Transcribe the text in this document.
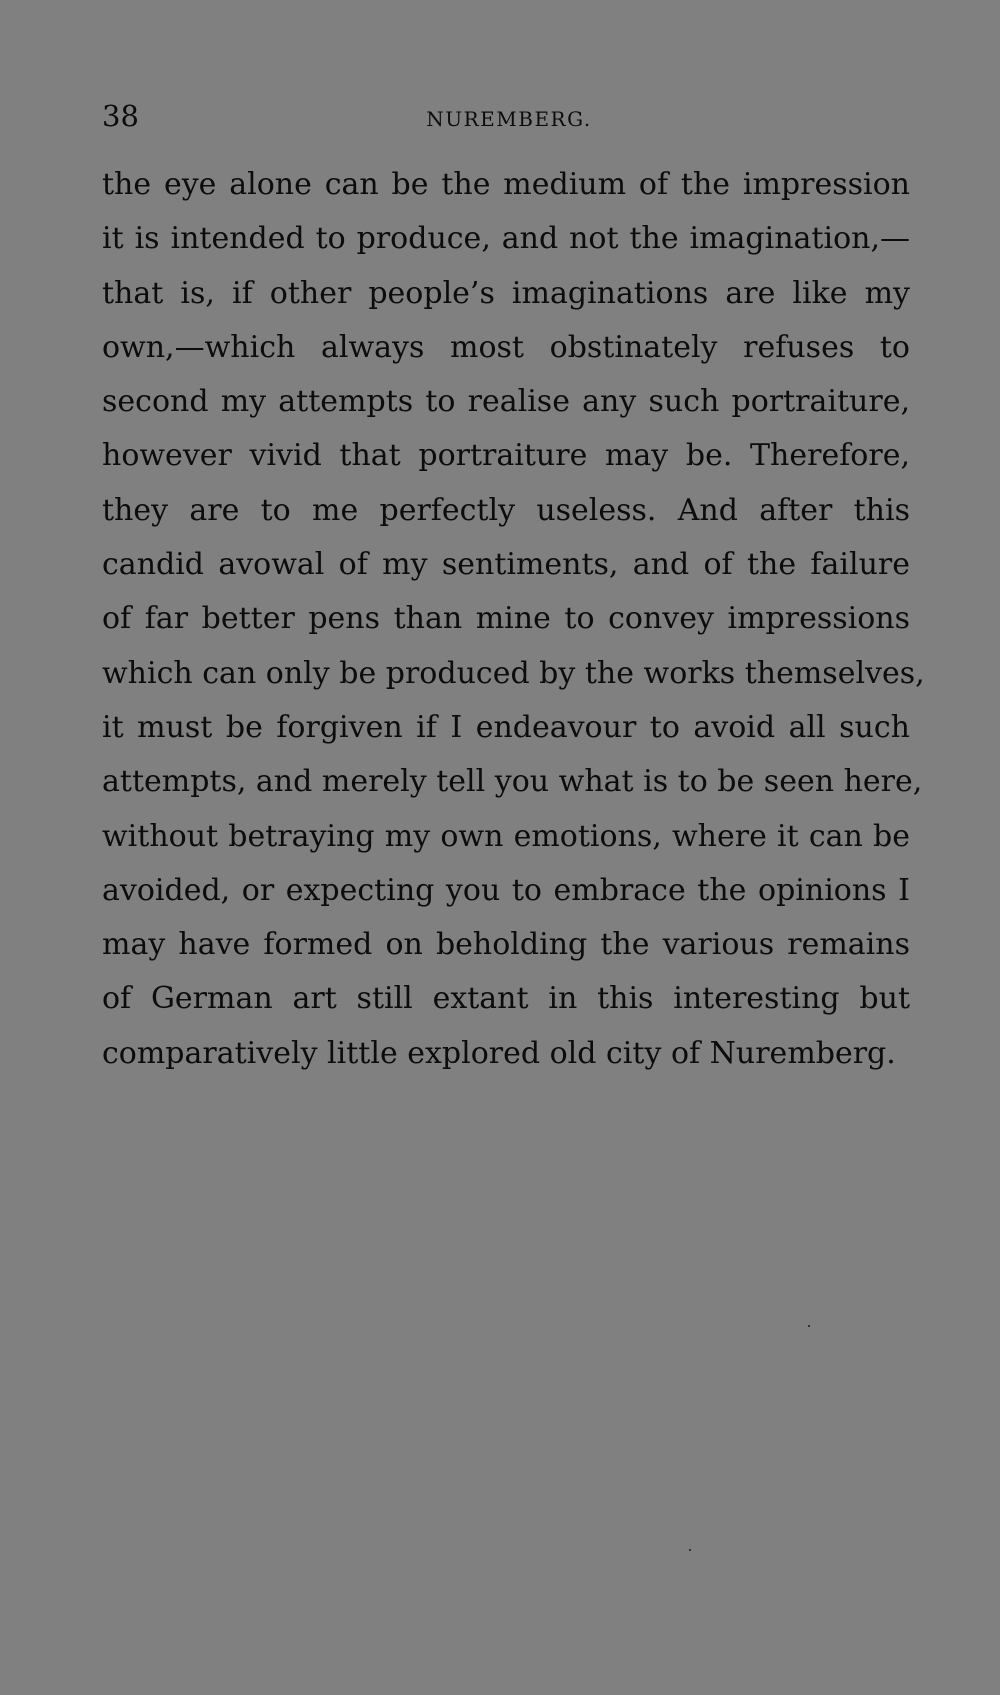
38	NUREMBERG.
the eye alone can be the medium of the impression
it is intended to produce, and not the imagination,—
that is, if other people’s imaginations are like my
own,—which always most obstinately refuses to
second my attempts to realise any such portraiture,
however vivid that portraiture may be. Therefore,
they are to me perfectly useless. And after this
candid avowal of my sentiments, and of the failure
of far better pens than mine to convey impressions
which can only be produced by the works themselves,
it must be forgiven if I endeavour to avoid all such
attempts, and merely tell you what is to be seen here,
without betraying my own emotions, where it can be
avoided, or expecting you to embrace the opinions I
may have formed on beholding the various remains
of German art still extant in this interesting but
comparatively little explored old city of Nuremberg.
